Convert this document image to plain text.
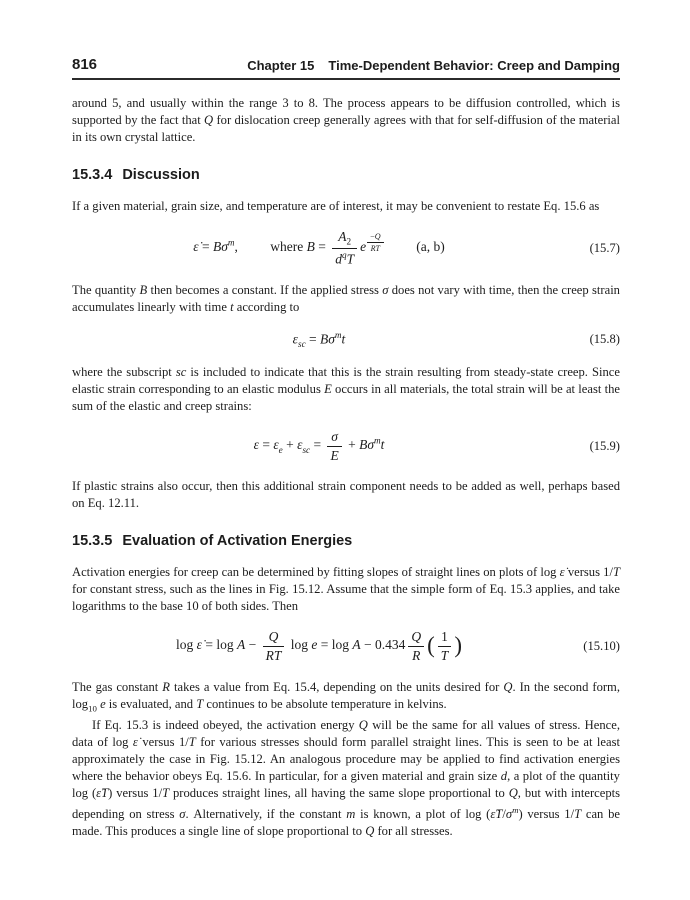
816	Chapter 15 Time-Dependent Behavior: Creep and Damping

around 5, and usually within the range 3 to 8. The process appears to be diffusion controlled, which is supported by the fact that Q for dislocation creep generally agrees with that for self-diffusion of the material in its own crystal lattice.

15.3.4 Discussion

If a given material, grain size, and temperature are of interest, it may be convenient to restate Eq. 15.6 as

ε̇ = $B\sigma^m$, where $B = \frac{A_2}{d^qT}$ e $\frac{-Q}{RT} (a$, b)	(15.7)

The quantity B then becomes a constant. If the applied stress σ does not vary with time, then the creep strain accumulates linearly with time t according to

$\varepsilon_{sc} = B\sigma^mt$	(15.8)

where the subscript sc is included to indicate that this is the strain resulting from steady-state creep. Since elastic strain corresponding to an elastic modulus E occurs in all materials, the total strain will be at least the sum of the elastic and creep strains:

$\varepsilon = \varepsilon_e + \varepsilon_{sc} = \frac{\sigma}{E} + B\sigma^mt$	(15.9)

If plastic strains also occur, then this additional strain component needs to be added as well, perhaps based on Eq. 12.11.

15.3.5 Evaluation of Activation Energies

Activation energies for creep can be determined by fitting slopes of straight lines on plots of log ε̇ versus 1/T for constant stress, such as the lines in Fig. 15.12. Assume that the simple form of Eq. 15.3 applies, and take logarithms to the base 10 of both sides. Then

log ε̇ = $\log A - \frac{Q}{RT}$ $\log e = \log A - 0.434 \frac{Q}{R}$ ( $\frac{1}{T}$ )	(15.10)

The gas constant R takes a value from Eq. 15.4, depending on the units desired for Q. In the second form, $\log_{10} e$ is evaluated, and T continues to be absolute temperature in kelvins.

If Eq. 15.3 is indeed obeyed, the activation energy Q will be the same for all values of stress. Hence, data of log ε̇ versus 1/T for various stresses should form parallel straight lines. This is seen to be at least approximately the case in Fig. 15.12. An analogous procedure may be applied to find activation energies where the behavior obeys Eq. 15.6. In particular, for a given material and grain size d, a plot of the quantity log (ε̇T) versus 1/T produces straight lines, all having the same slope proportional to Q, but with intercepts depending on stress σ. Alternatively, if the constant m is known, a plot of $\log (\varepsiloṅT/\sigma^m)$ versus 1/T can be made. This produces a single line of slope proportional to Q for all stresses.
